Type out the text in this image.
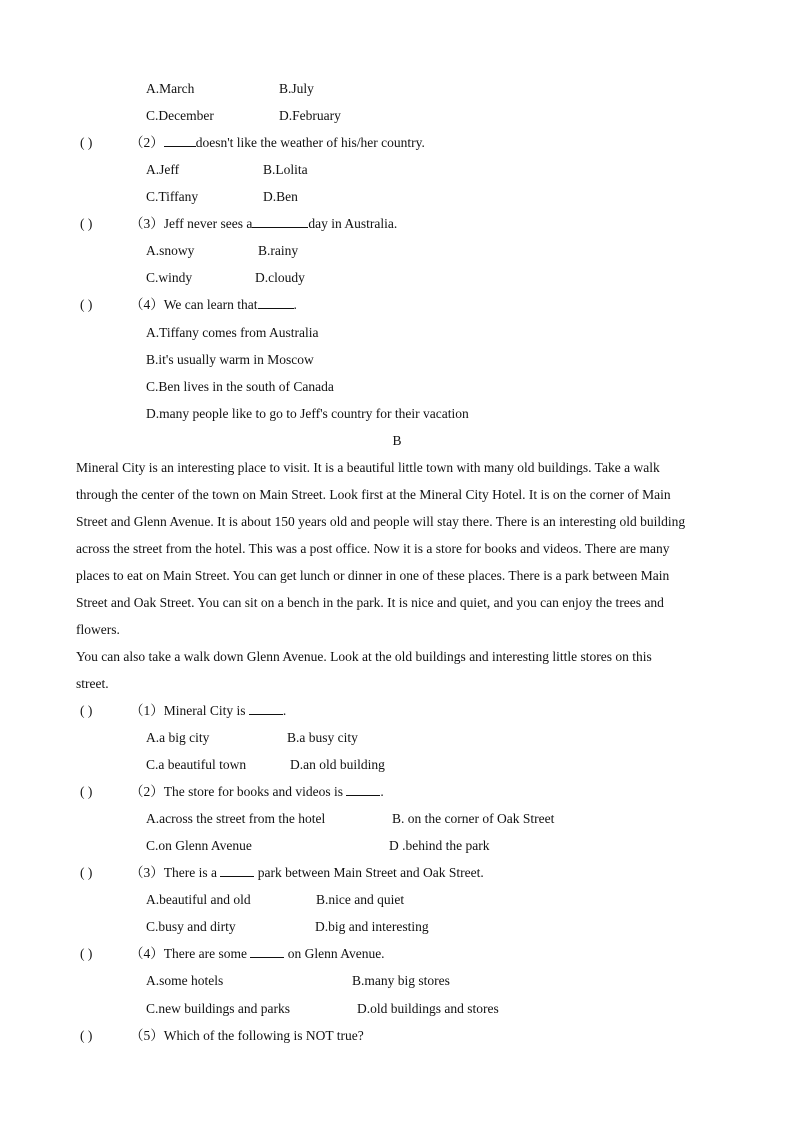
A.March	B.July
C.December	D.February
( )	（2） doesn't like the weather of his/her country.
A.Jeff	B.Lolita
C.Tiffany	D.Ben
( )	（3）Jeff never sees a	day in Australia.
A.snowy	B.rainy
C.windy	D.cloudy
( )	（4）We can learn that	.
A.Tiffany comes from Australia
B.it's usually warm in Moscow
C.Ben lives in the south of Canada
D.many people like to go to Jeff's country for their vacation
B
Mineral City is an interesting place to visit. It is a beautiful little town with many old buildings. Take a walk
through the center of the town on Main Street. Look first at the Mineral City Hotel. It is on the corner of Main
Street and Glenn Avenue. It is about 150 years old and people will stay there. There is an interesting old building
across the street from the hotel. This was a post office. Now it is a store for books and videos. There are many
places to eat on Main Street. You can get lunch or dinner in one of these places. There is a park between Main
Street and Oak Street. You can sit on a bench in the park. It is nice and quiet, and you can enjoy the trees and
flowers.
You can also take a walk down Glenn Avenue. Look at the old buildings and interesting little stores on this
street.
( )	（1）Mineral City is	.
A.a big city	B.a busy city
C.a beautiful town	D.an old building
( )	（2）The store for books and videos is	.
A.across the street from the hotel	B. on the corner of Oak Street
C.on Glenn Avenue	D .behind the park
( )	（3）There is a	park between Main Street and Oak Street.
A.beautiful and old	B.nice and quiet
C.busy and dirty	D.big and interesting
( )	（4）There are some	on Glenn Avenue.
A.some hotels	B.many big stores
C.new buildings and parks	D.old buildings and stores
( )	（5）Which of the following is NOT true?
